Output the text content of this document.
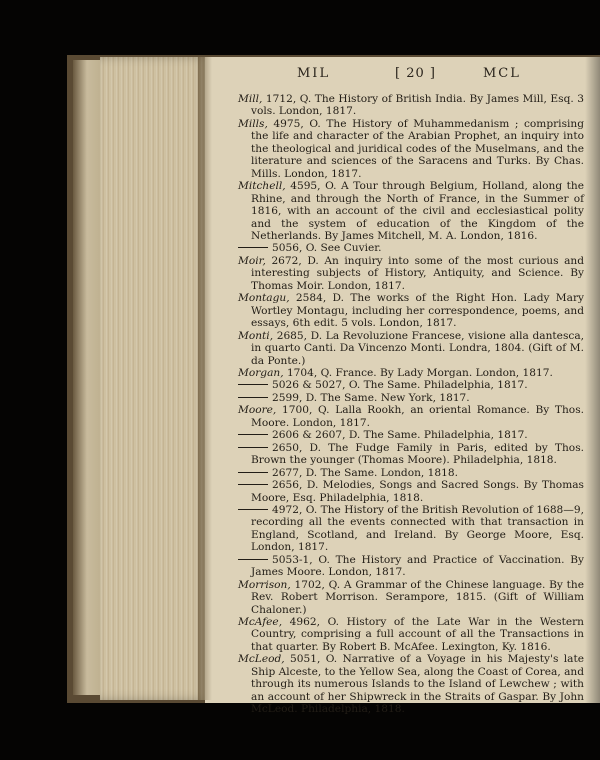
MIL	[ 20 ]	MCL
Mill, 1712, Q. The History of British India. By James Mill, Esq. 3 vols. London, 1817.
Mills, 4975, O. The History of Muhammedanism ; comprising the life and character of the Arabian Prophet, an inquiry into the theological and juridical codes of the Muselmans, and the literature and sciences of the Saracens and Turks. By Chas. Mills. London, 1817.
Mitchell, 4595, O. A Tour through Belgium, Holland, along the Rhine, and through the North of France, in the Summer of 1816, with an account of the civil and ecclesiastical polity and the system of education of the Kingdom of the Netherlands. By James Mitchell, M. A. London, 1816.
5056, O. See Cuvier.
Moir, 2672, D. An inquiry into some of the most curious and interesting subjects of History, Antiquity, and Science. By Thomas Moir. London, 1817.
Montagu, 2584, D. The works of the Right Hon. Lady Mary Wortley Montagu, including her correspondence, poems, and essays, 6th edit. 5 vols. London, 1817.
Monti, 2685, D. La Revoluzione Francese, visione alla dantesca, in quarto Canti. Da Vincenzo Monti. Londra, 1804. (Gift of M. da Ponte.)
Morgan, 1704, Q. France. By Lady Morgan. London, 1817.
5026 & 5027, O. The Same. Philadelphia, 1817.
2599, D. The Same. New York, 1817.
Moore, 1700, Q. Lalla Rookh, an oriental Romance. By Thos. Moore. London, 1817.
2606 & 2607, D. The Same. Philadelphia, 1817.
2650, D. The Fudge Family in Paris, edited by Thos. Brown the younger (Thomas Moore). Philadelphia, 1818.
2677, D. The Same. London, 1818.
2656, D. Melodies, Songs and Sacred Songs. By Thomas Moore, Esq. Philadelphia, 1818.
4972, O. The History of the British Revolution of 1688—9, recording all the events connected with that transaction in England, Scotland, and Ireland. By George Moore, Esq. London, 1817.
5053-1, O. The History and Practice of Vaccination. By James Moore. London, 1817.
Morrison, 1702, Q. A Grammar of the Chinese language. By the Rev. Robert Morrison. Serampore, 1815. (Gift of William Chaloner.)
McAfee, 4962, O. History of the Late War in the Western Country, comprising a full account of all the Transactions in that quarter. By Robert B. McAfee. Lexington, Ky. 1816.
McLeod, 5051, O. Narrative of a Voyage in his Majesty's late Ship Alceste, to the Yellow Sea, along the Coast of Corea, and through its numerous Islands to the Island of Lewchew ; with an account of her Shipwreck in the Straits of Gaspar. By John McLeod. Philadelphia, 1818.
